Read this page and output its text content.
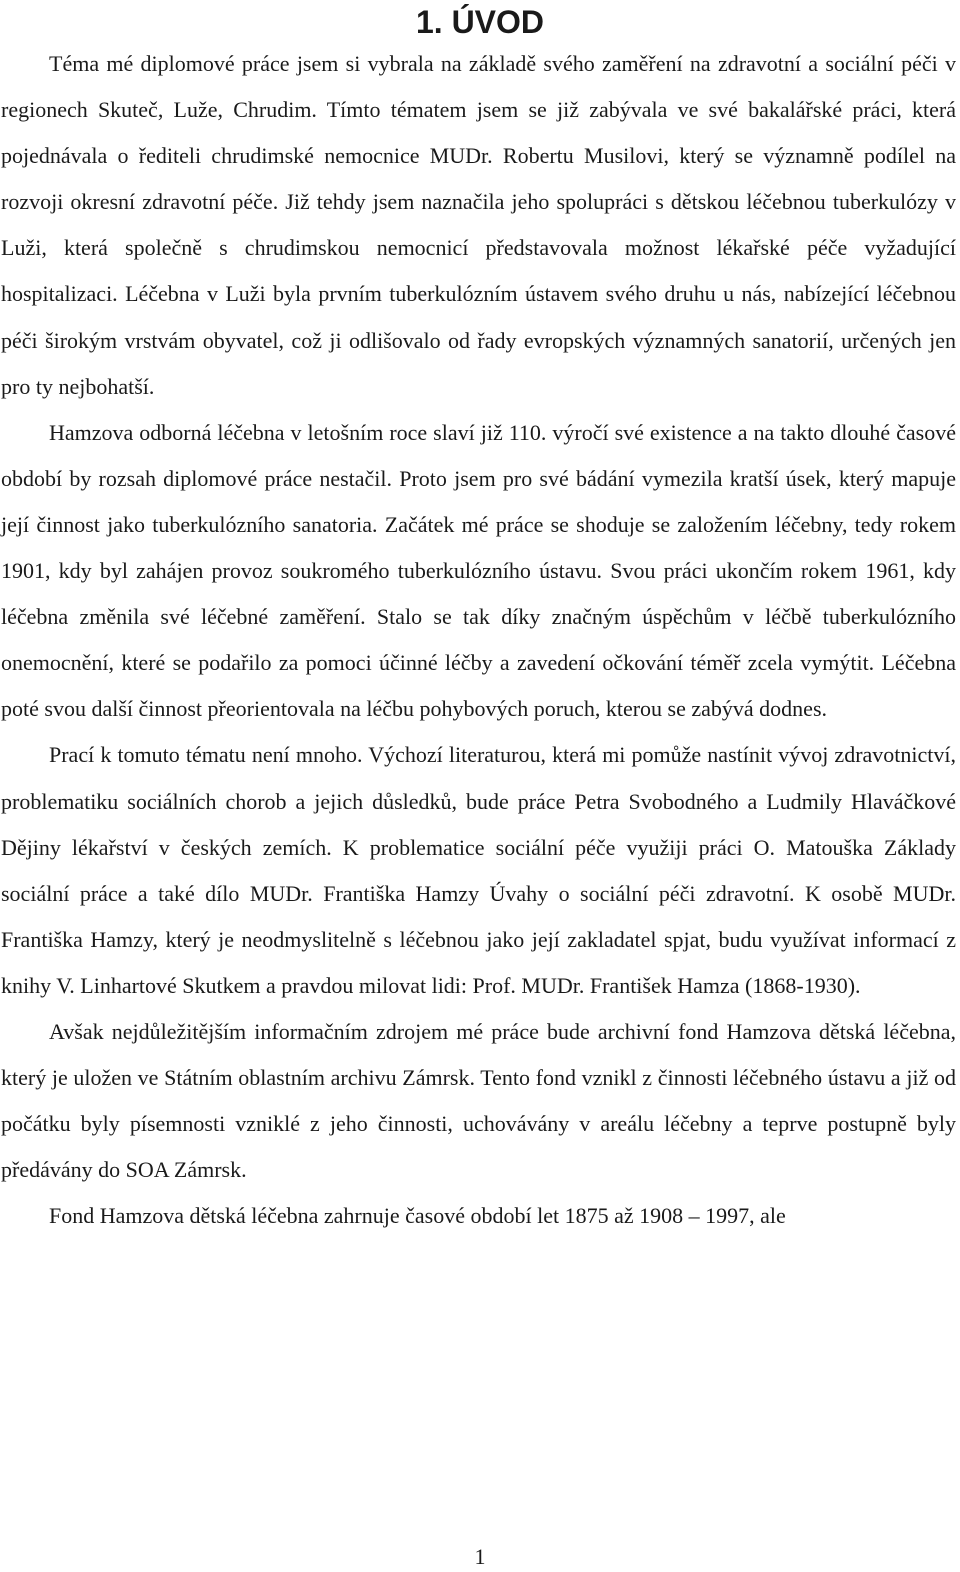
1. ÚVOD

Téma mé diplomové práce jsem si vybrala na základě svého zaměření na zdravotní a sociální péči v regionech Skuteč, Luže, Chrudim. Tímto tématem jsem se již zabývala ve své bakalářské práci, která pojednávala o řediteli chrudimské nemocnice MUDr. Robertu Musilovi, který se významně podílel na rozvoji okresní zdravotní péče. Již tehdy jsem naznačila jeho spolupráci s dětskou léčebnou tuberkulózy v Luži, která společně s chrudimskou nemocnicí představovala možnost lékařské péče vyžadující hospitalizaci. Léčebna v Luži byla prvním tuberkulózním ústavem svého druhu u nás, nabízející léčebnou péči širokým vrstvám obyvatel, což ji odlišovalo od řady evropských významných sanatorií, určených jen pro ty nejbohatší.

Hamzova odborná léčebna v letošním roce slaví již 110. výročí své existence a na takto dlouhé časové období by rozsah diplomové práce nestačil. Proto jsem pro své bádání vymezila kratší úsek, který mapuje její činnost jako tuberkulózního sanatoria. Začátek mé práce se shoduje se založením léčebny, tedy rokem 1901, kdy byl zahájen provoz soukromého tuberkulózního ústavu. Svou práci ukončím rokem 1961, kdy léčebna změnila své léčebné zaměření. Stalo se tak díky značným úspěchům v léčbě tuberkulózního onemocnění, které se podařilo za pomoci účinné léčby a zavedení očkování téměř zcela vymýtit. Léčebna poté svou další činnost přeorientovala na léčbu pohybových poruch, kterou se zabývá dodnes.

Prací k tomuto tématu není mnoho. Výchozí literaturou, která mi pomůže nastínit vývoj zdravotnictví, problematiku sociálních chorob a jejich důsledků, bude práce Petra Svobodného a Ludmily Hlaváčkové Dějiny lékařství v českých zemích. K problematice sociální péče využiji práci O. Matouška Základy sociální práce a také dílo MUDr. Františka Hamzy Úvahy o sociální péči zdravotní. K osobě MUDr. Františka Hamzy, který je neodmyslitelně s léčebnou jako její zakladatel spjat, budu využívat informací z knihy V. Linhartové Skutkem a pravdou milovat lidi: Prof. MUDr. František Hamza (1868-1930).

Avšak nejdůležitějším informačním zdrojem mé práce bude archivní fond Hamzova dětská léčebna, který je uložen ve Státním oblastním archivu Zámrsk. Tento fond vznikl z činnosti léčebného ústavu a již od počátku byly písemnosti vzniklé z jeho činnosti, uchovávány v areálu léčebny a teprve postupně byly předávány do SOA Zámrsk.

Fond Hamzova dětská léčebna zahrnuje časové období let 1875 až 1908 – 1997, ale

1
